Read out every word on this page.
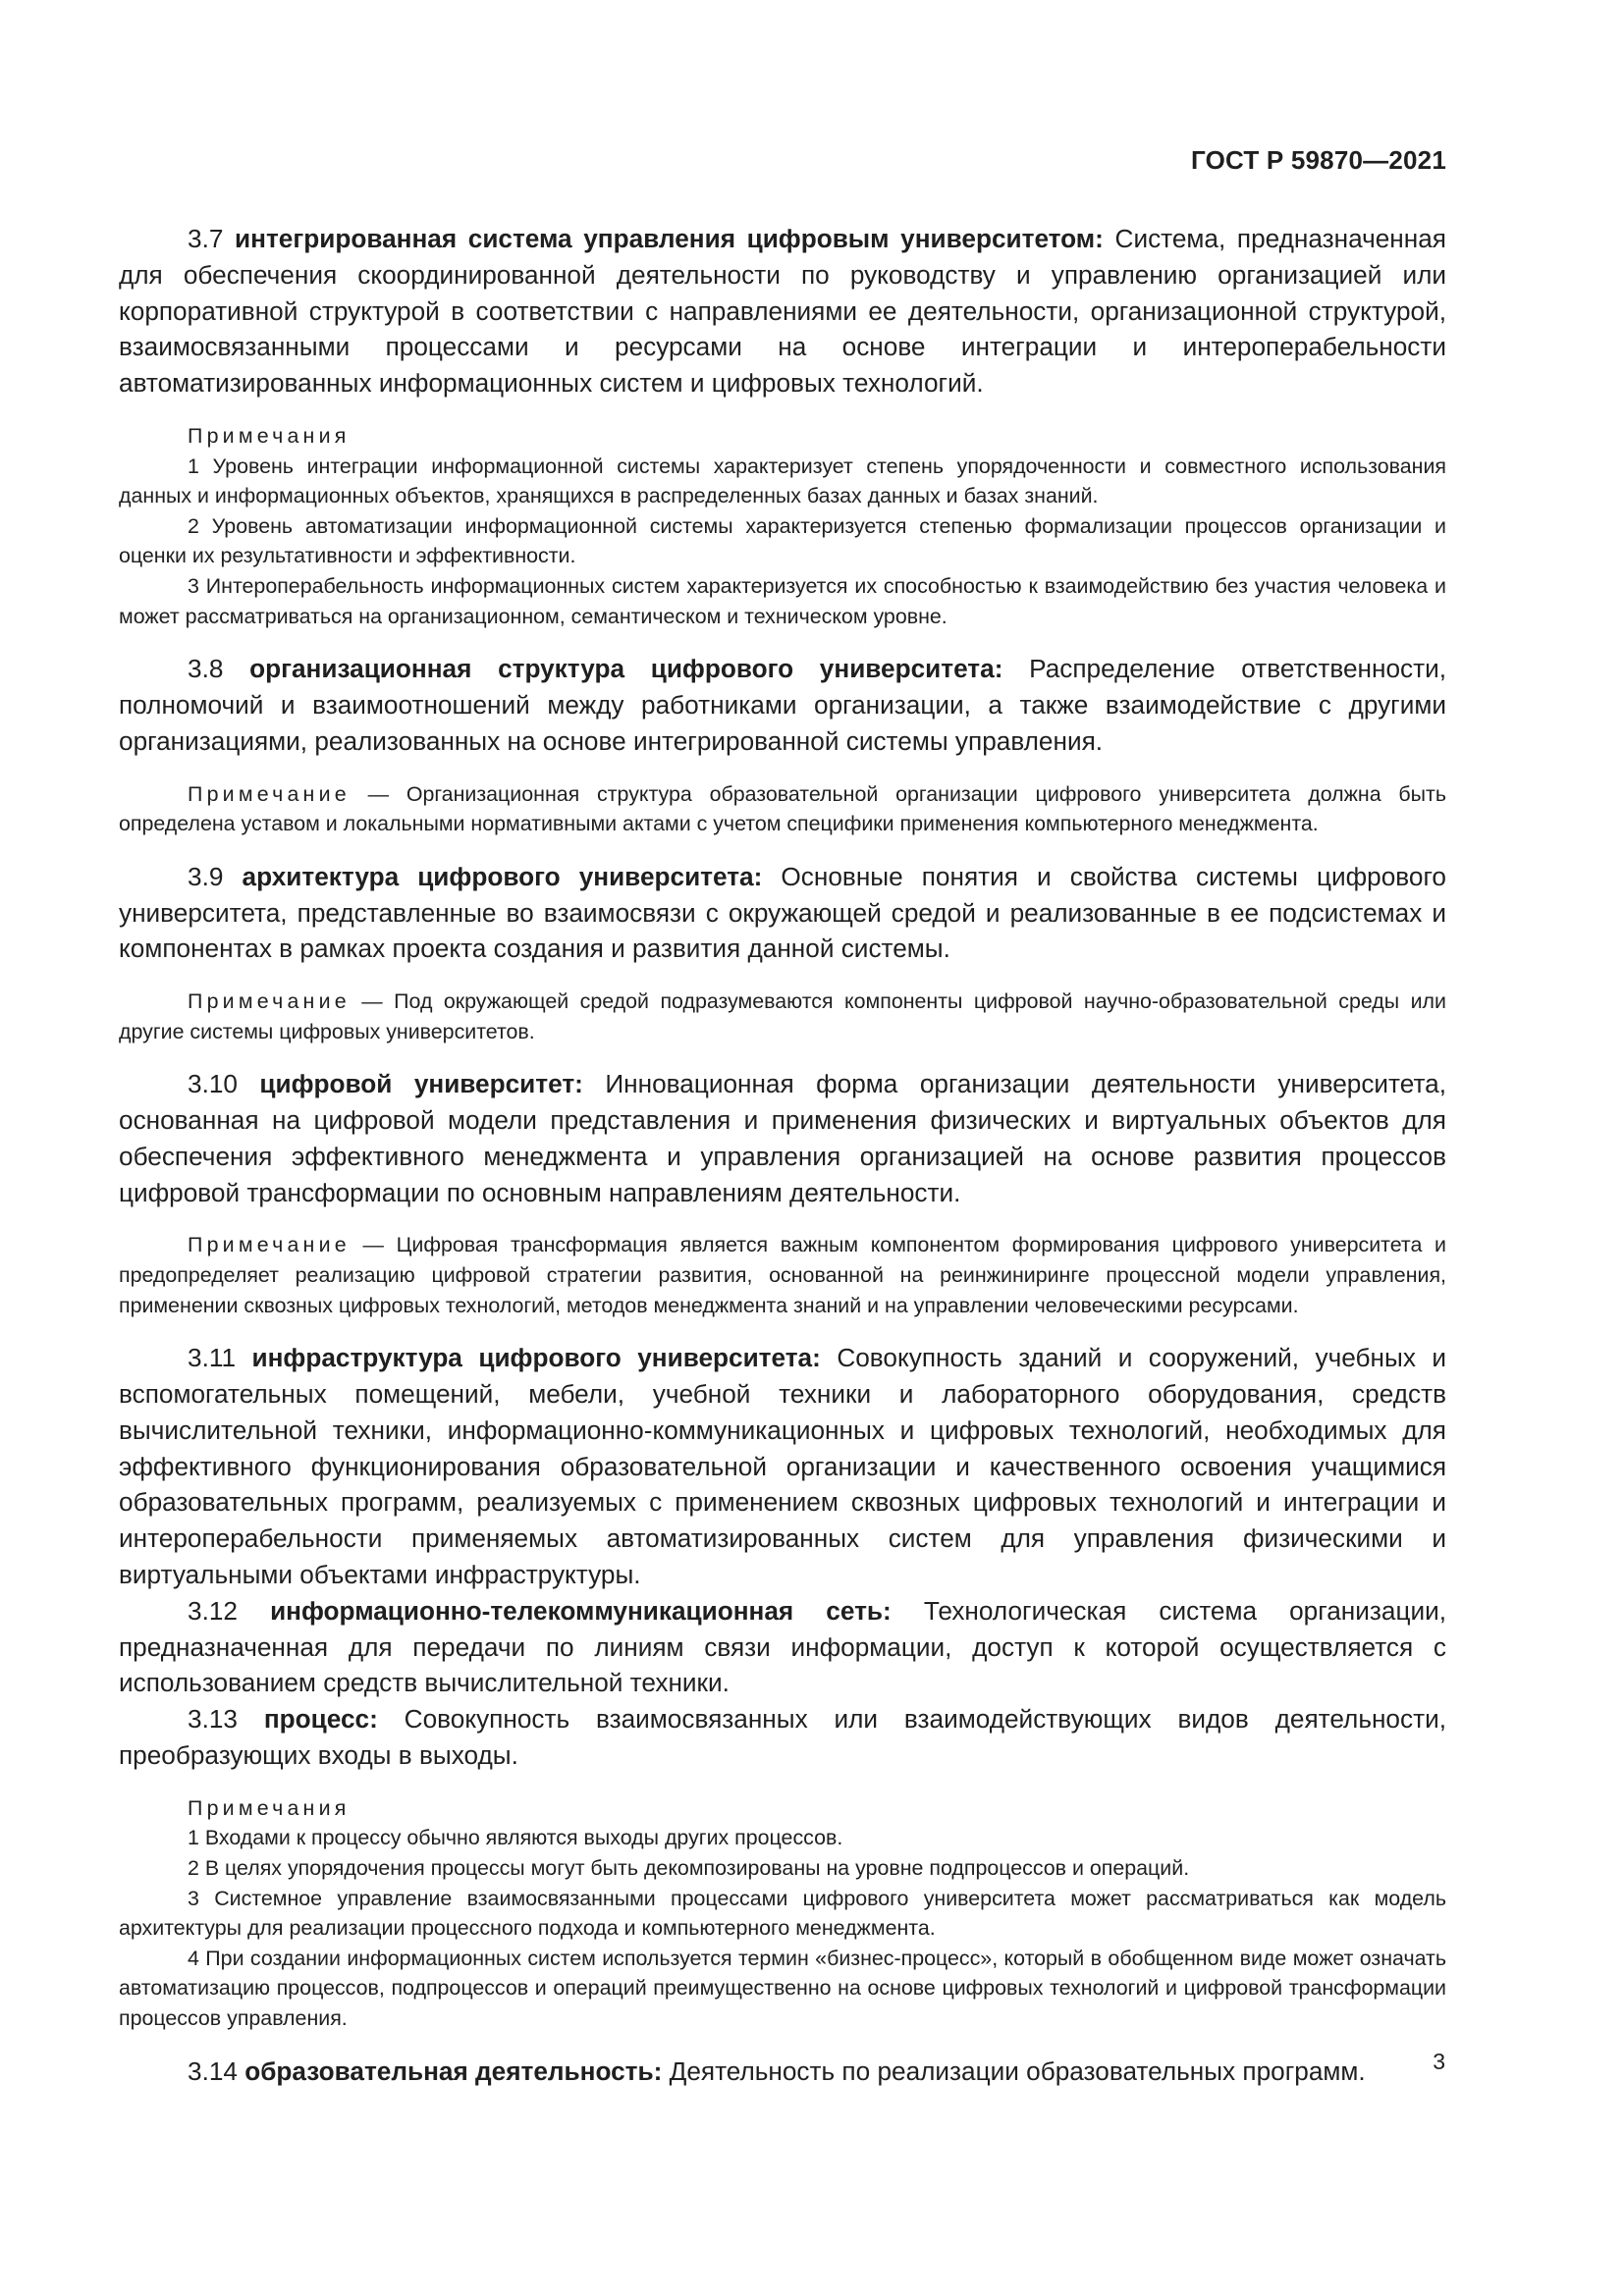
ГОСТ Р 59870—2021

3.7 интегрированная система управления цифровым университетом: Система, предназначенная для обеспечения скоординированной деятельности по руководству и управлению организацией или корпоративной структурой в соответствии с направлениями ее деятельности, организационной структурой, взаимосвязанными процессами и ресурсами на основе интеграции и интероперабельности автоматизированных информационных систем и цифровых технологий.

Примечания

1 Уровень интеграции информационной системы характеризует степень упорядоченности и совместного использования данных и информационных объектов, хранящихся в распределенных базах данных и базах знаний.

2 Уровень автоматизации информационной системы характеризуется степенью формализации процессов организации и оценки их результативности и эффективности.

3 Интероперабельность информационных систем характеризуется их способностью к взаимодействию без участия человека и может рассматриваться на организационном, семантическом и техническом уровне.

3.8 организационная структура цифрового университета: Распределение ответственности, полномочий и взаимоотношений между работниками организации, а также взаимодействие с другими организациями, реализованных на основе интегрированной системы управления.

Примечание — Организационная структура образовательной организации цифрового университета должна быть определена уставом и локальными нормативными актами с учетом специфики применения компьютерного менеджмента.

3.9 архитектура цифрового университета: Основные понятия и свойства системы цифрового университета, представленные во взаимосвязи с окружающей средой и реализованные в ее подсистемах и компонентах в рамках проекта создания и развития данной системы.

Примечание — Под окружающей средой подразумеваются компоненты цифровой научно-образовательной среды или другие системы цифровых университетов.

3.10 цифровой университет: Инновационная форма организации деятельности университета, основанная на цифровой модели представления и применения физических и виртуальных объектов для обеспечения эффективного менеджмента и управления организацией на основе развития процессов цифровой трансформации по основным направлениям деятельности.

Примечание — Цифровая трансформация является важным компонентом формирования цифрового университета и предопределяет реализацию цифровой стратегии развития, основанной на реинжиниринге процессной модели управления, применении сквозных цифровых технологий, методов менеджмента знаний и на управлении человеческими ресурсами.

3.11 инфраструктура цифрового университета: Совокупность зданий и сооружений, учебных и вспомогательных помещений, мебели, учебной техники и лабораторного оборудования, средств вычислительной техники, информационно-коммуникационных и цифровых технологий, необходимых для эффективного функционирования образовательной организации и качественного освоения учащимися образовательных программ, реализуемых с применением сквозных цифровых технологий и интеграции и интероперабельности применяемых автоматизированных систем для управления физическими и виртуальными объектами инфраструктуры.

3.12 информационно-телекоммуникационная сеть: Технологическая система организации, предназначенная для передачи по линиям связи информации, доступ к которой осуществляется с использованием средств вычислительной техники.

3.13 процесс: Совокупность взаимосвязанных или взаимодействующих видов деятельности, преобразующих входы в выходы.

Примечания

1 Входами к процессу обычно являются выходы других процессов.

2 В целях упорядочения процессы могут быть декомпозированы на уровне подпроцессов и операций.

3 Системное управление взаимосвязанными процессами цифрового университета может рассматриваться как модель архитектуры для реализации процессного подхода и компьютерного менеджмента.

4 При создании информационных систем используется термин «бизнес-процесс», который в обобщенном виде может означать автоматизацию процессов, подпроцессов и операций преимущественно на основе цифровых технологий и цифровой трансформации процессов управления.

3.14 образовательная деятельность: Деятельность по реализации образовательных программ.	3
